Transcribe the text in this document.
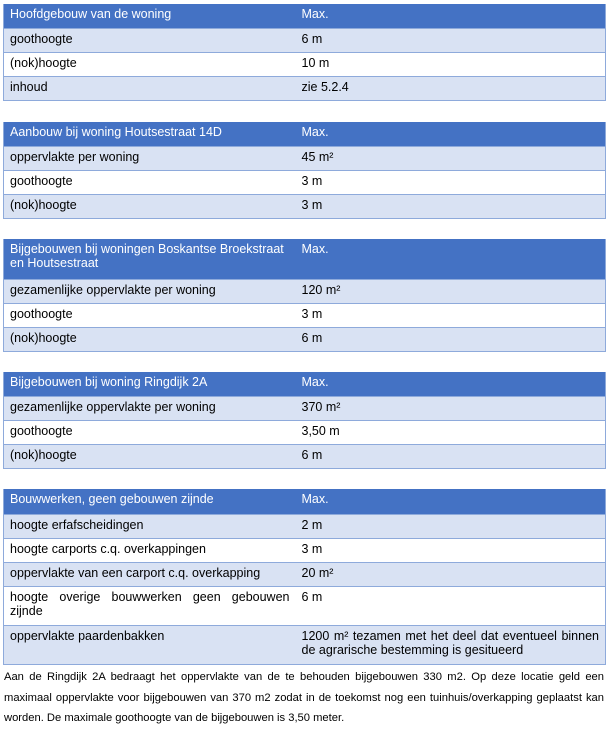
Hoofdgebouw van de woning	Max.
goothoogte	6 m
(nok)hoogte	10 m
inhoud	zie 5.2.4
Aanbouw bij woning Houtsestraat 14D	Max.
oppervlakte per woning	45 m²
goothoogte	3 m
(nok)hoogte	3 m
Bijgebouwen bij woningen Boskantse Broekstraat en Houtsestraat	Max.
gezamenlijke oppervlakte per woning	120 m²
goothoogte	3 m
(nok)hoogte	6 m
Bijgebouwen bij woning Ringdijk 2A	Max.
gezamenlijke oppervlakte per woning	370 m²
goothoogte	3,50 m
(nok)hoogte	6 m
Bouwwerken, geen gebouwen zijnde	Max.
hoogte erfafscheidingen	2 m
hoogte carports c.q. overkappingen	3 m
oppervlakte van een carport c.q. overkapping	20 m²
hoogte overige bouwwerken geen gebouwen zijnde	6 m
oppervlakte paardenbakken	1200 m² tezamen met het deel dat eventueel binnen de agrarische bestemming is gesitueerd

Aan de Ringdijk 2A bedraagt het oppervlakte van de te behouden bijgebouwen 330 m2. Op deze locatie geld een maximaal oppervlakte voor bijgebouwen van 370 m2 zodat in de toekomst nog een tuinhuis/overkapping geplaatst kan worden. De maximale goothoogte van de bijgebouwen is 3,50 meter.
